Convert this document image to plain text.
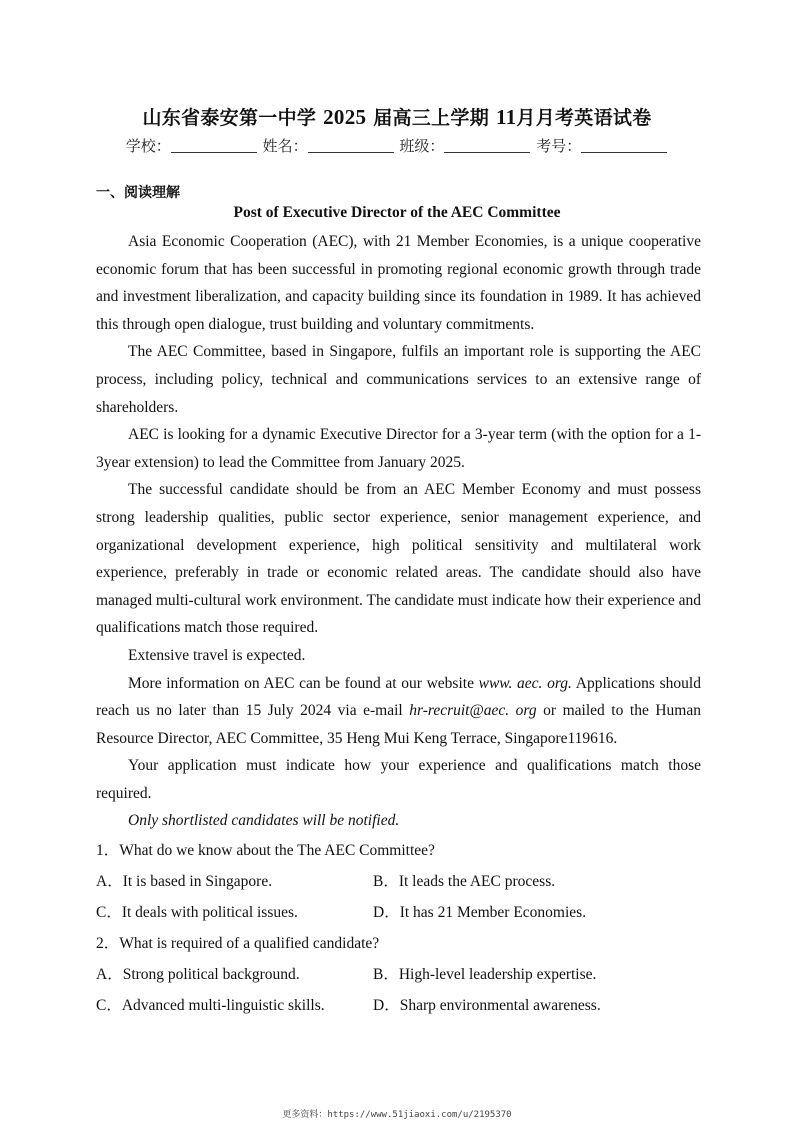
山东省泰安第一中学 2025 届高三上学期 11月月考英语试卷
学校：	姓名：	班级：	考号：
一、阅读理解
Post of Executive Director of the AEC Committee

Asia Economic Cooperation (AEC), with 21 Member Economies, is a unique cooperative economic forum that has been successful in promoting regional economic growth through trade and investment liberalization, and capacity building since its foundation in 1989. It has achieved this through open dialogue, trust building and voluntary commitments.

The AEC Committee, based in Singapore, fulfils an important role is supporting the AEC process, including policy, technical and communications services to an extensive range of shareholders.

AEC is looking for a dynamic Executive Director for a 3-year term (with the option for a 1-3year extension) to lead the Committee from January 2025.

The successful candidate should be from an AEC Member Economy and must possess strong leadership qualities, public sector experience, senior management experience, and organizational development experience, high political sensitivity and multilateral work experience, preferably in trade or economic related areas. The candidate should also have managed multi-cultural work environment. The candidate must indicate how their experience and qualifications match those required.

Extensive travel is expected.

More information on AEC can be found at our website www. aec. org. Applications should reach us no later than 15 July 2024 via e-mail hr-recruit@aec. org or mailed to the Human Resource Director, AEC Committee, 35 Heng Mui Keng Terrace, Singapore119616.

Your application must indicate how your experience and qualifications match those required.

Only shortlisted candidates will be notified.

1．What do we know about the The AEC Committee?
A．It is based in Singapore.	B．It leads the AEC process.
C．It deals with political issues.	D．It has 21 Member Economies.
2．What is required of a qualified candidate?
A．Strong political background.	B．High-level leadership expertise.
C．Advanced multi-linguistic skills.	D．Sharp environmental awareness.
更多资料：https://www.51jiaoxi.com/u/2195370
